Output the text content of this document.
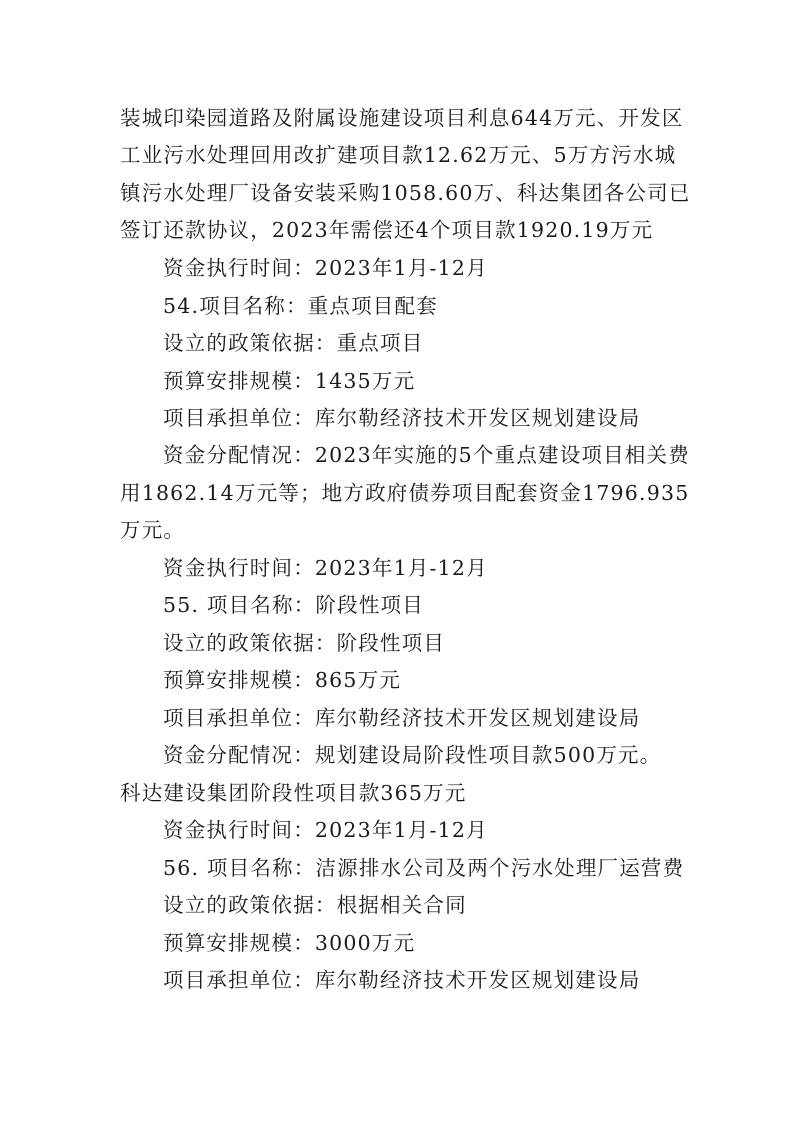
装城印染园道路及附属设施建设项目利息644万元、开发区
工业污水处理回用改扩建项目款12.62万元、5万方污水城
镇污水处理厂设备安装采购1058.60万、科达集团各公司已
签订还款协议，2023年需偿还4个项目款1920.19万元
资金执行时间：2023年1月-12月
54.项目名称：重点项目配套
设立的政策依据：重点项目
预算安排规模：1435万元
项目承担单位：库尔勒经济技术开发区规划建设局
资金分配情况：2023年实施的5个重点建设项目相关费
用1862.14万元等；地方政府债券项目配套资金1796.935
万元。
资金执行时间：2023年1月-12月
55. 项目名称：阶段性项目
设立的政策依据：阶段性项目
预算安排规模：865万元
项目承担单位：库尔勒经济技术开发区规划建设局
资金分配情况：规划建设局阶段性项目款500万元。
科达建设集团阶段性项目款365万元
资金执行时间：2023年1月-12月
56. 项目名称：洁源排水公司及两个污水处理厂运营费
设立的政策依据：根据相关合同
预算安排规模：3000万元
项目承担单位：库尔勒经济技术开发区规划建设局
